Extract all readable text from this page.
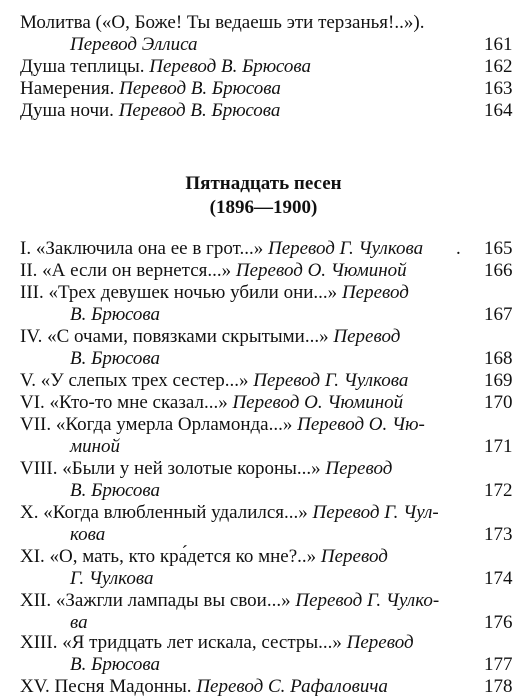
Молитва («О, Боже! Ты ведаешь эти терзанья!..»).
Перевод Эллиса	161
Душа теплицы. Перевод В. Брюсова	162
Намерения. Перевод В. Брюсова	163
Душа ночи. Перевод В. Брюсова	164
Пятнадцать песен
(1896—1900)
I. «Заключила она ее в грот...» Перевод Г. Чулкова	.	165
II. «А если он вернется...» Перевод О. Чюминой	166
III. «Трех девушек ночью убили они...» Перевод
В. Брюсова	167
IV. «С очами, повязками скрытыми...» Перевод
В. Брюсова	168
V. «У слепых трех сестер...» Перевод Г. Чулкова	169
VI. «Кто-то мне сказал...» Перевод О. Чюминой	170
VII. «Когда умерла Орламонда...» Перевод О. Чю-
миной	171
VIII. «Были у ней золотые короны...» Перевод
В. Брюсова	172
X. «Когда влюбленный удалился...» Перевод Г. Чул-
кова	173
XI. «О, мать, кто кра́дется ко мне?..» Перевод
Г. Чулкова	174
XII. «Зажгли лампады вы свои...» Перевод Г. Чулко-
ва	176
XIII. «Я тридцать лет искала, сестры...» Перевод
В. Брюсова	177
XV. Песня Мадонны. Перевод С. Рафаловича	178
